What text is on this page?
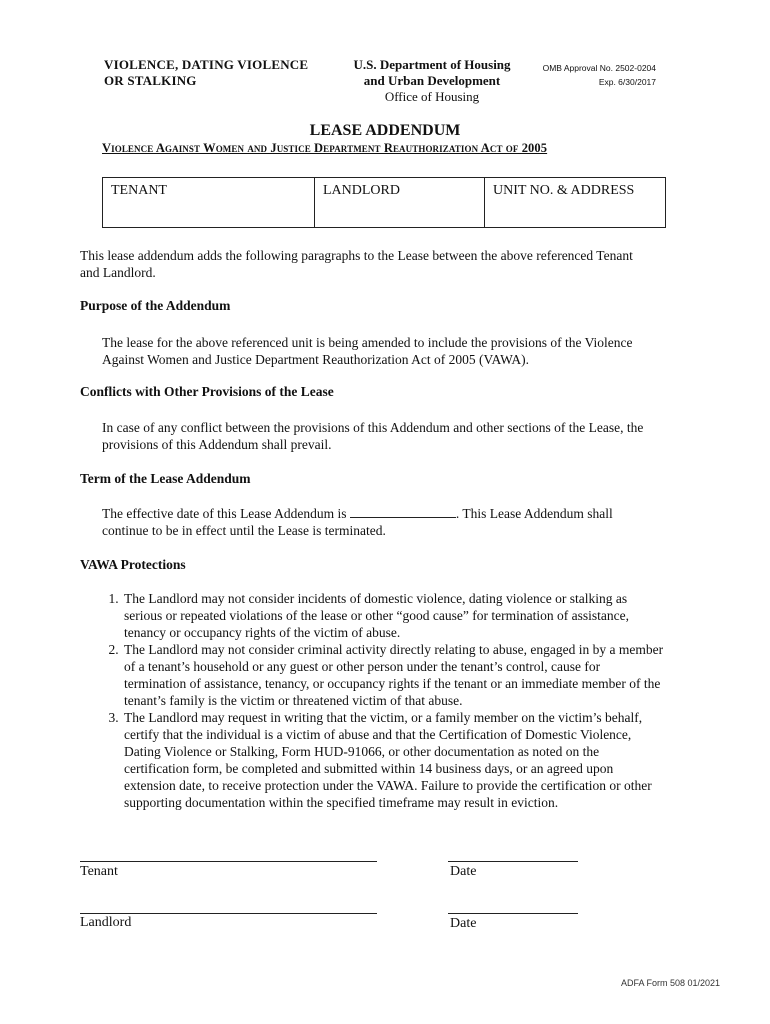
VIOLENCE, DATING VIOLENCE
OR STALKING
U.S. Department of Housing
and Urban Development
Office of Housing
OMB Approval No. 2502-0204
Exp. 6/30/2017
LEASE ADDENDUM
Violence Against Women and Justice Department Reauthorization Act of 2005
TENANT	LANDLORD	UNIT NO. & ADDRESS
This lease addendum adds the following paragraphs to the Lease between the above referenced Tenant and Landlord.
Purpose of the Addendum
The lease for the above referenced unit is being amended to include the provisions of the Violence Against Women and Justice Department Reauthorization Act of 2005 (VAWA).
Conflicts with Other Provisions of the Lease
In case of any conflict between the provisions of this Addendum and other sections of the Lease, the provisions of this Addendum shall prevail.
Term of the Lease Addendum
The effective date of this Lease Addendum is	. This Lease Addendum shall continue to be in effect until the Lease is terminated.
VAWA Protections
1. The Landlord may not consider incidents of domestic violence, dating violence or stalking as serious or repeated violations of the lease or other “good cause” for termination of assistance, tenancy or occupancy rights of the victim of abuse.
2. The Landlord may not consider criminal activity directly relating to abuse, engaged in by a member of a tenant’s household or any guest or other person under the tenant’s control, cause for termination of assistance, tenancy, or occupancy rights if the tenant or an immediate member of the tenant’s family is the victim or threatened victim of that abuse.
3. The Landlord may request in writing that the victim, or a family member on the victim’s behalf, certify that the individual is a victim of abuse and that the Certification of Domestic Violence, Dating Violence or Stalking, Form HUD-91066, or other documentation as noted on the certification form, be completed and submitted within 14 business days, or an agreed upon extension date, to receive protection under the VAWA. Failure to provide the certification or other supporting documentation within the specified timeframe may result in eviction.
Tenant	Date
Landlord	Date
ADFA Form 508 01/2021
